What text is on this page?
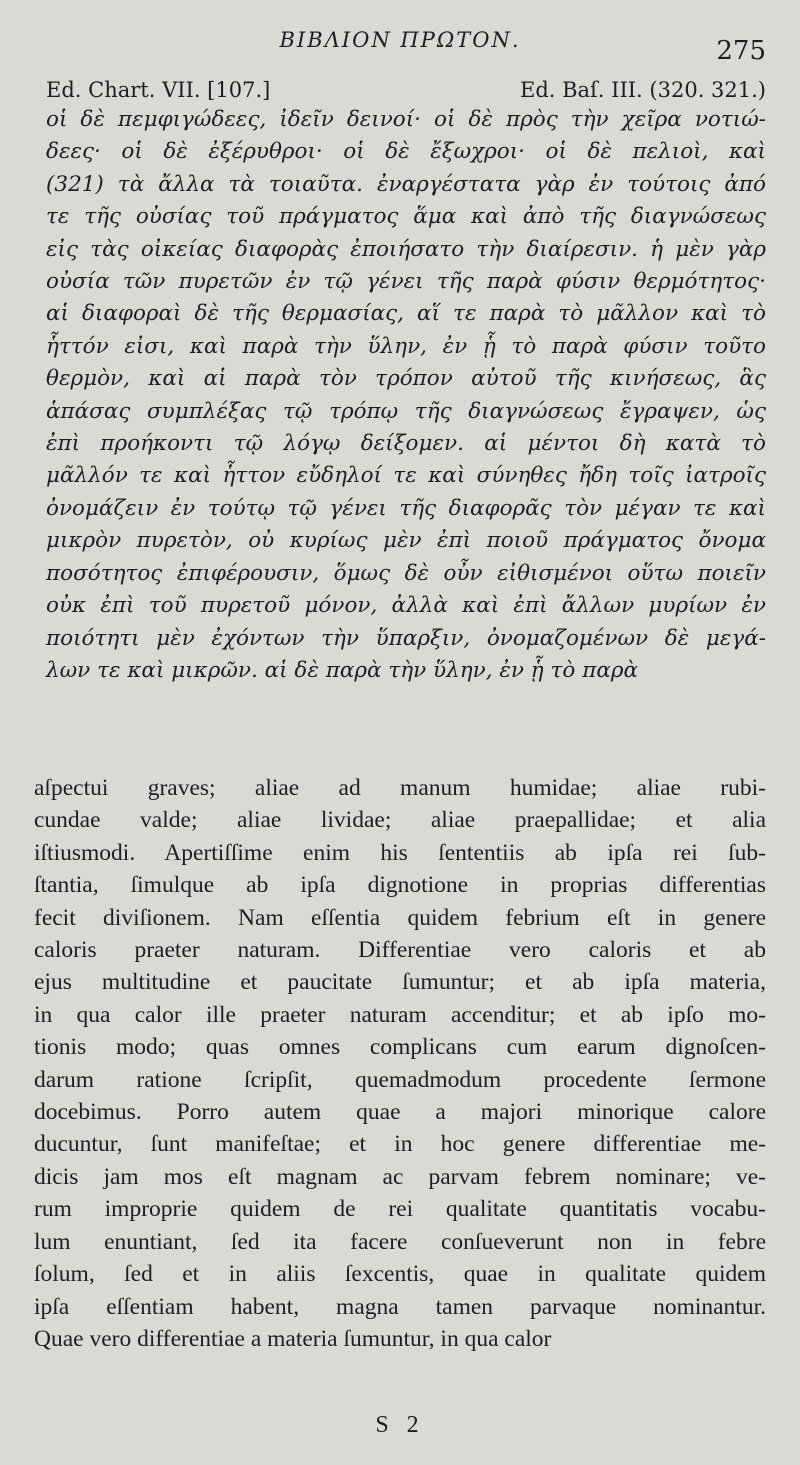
ΒΙΒΛΙΟΝ ΠΡΩΤΟΝ.	275
Ed. Chart. VII. [107.]	Ed. Baſ. III. (320. 321.)
οἱ δὲ πεμφιγώδεες, ἰδεῖν δεινοί· οἱ δὲ πρὸς τὴν χεῖρα νοτιώ-
δεες· οἱ δὲ ἐξέρυθροι· οἱ δὲ ἔξωχροι· οἱ δὲ πελιοὶ, καὶ
(321) τὰ ἄλλα τὰ τοιαῦτα. ἐναργέστατα γὰρ ἐν τούτοις ἀπό
τε τῆς οὐσίας τοῦ πράγματος ἅμα καὶ ἀπὸ τῆς διαγνώσεως
εἰς τὰς οἰκείας διαφορὰς ἐποιήσατο τὴν διαίρεσιν. ἡ μὲν γὰρ
οὐσία τῶν πυρετῶν ἐν τῷ γένει τῆς παρὰ φύσιν θερμότητος·
αἱ διαφοραὶ δὲ τῆς θερμασίας, αἵ τε παρὰ τὸ μᾶλλον καὶ τὸ
ἧττόν εἰσι, καὶ παρὰ τὴν ὕλην, ἐν ᾗ τὸ παρὰ φύσιν τοῦτο
θερμὸν, καὶ αἱ παρὰ τὸν τρόπον αὐτοῦ τῆς κινήσεως, ἃς
ἁπάσας συμπλέξας τῷ τρόπῳ τῆς διαγνώσεως ἔγραψεν, ὡς
ἐπὶ προήκοντι τῷ λόγῳ δείξομεν. αἱ μέντοι δὴ κατὰ τὸ
μᾶλλόν τε καὶ ἧττον εὔδηλοί τε καὶ σύνηθες ἤδη τοῖς ἰατροῖς
ὀνομάζειν ἐν τούτῳ τῷ γένει τῆς διαφορᾶς τὸν μέγαν τε καὶ
μικρὸν πυρετὸν, οὐ κυρίως μὲν ἐπὶ ποιοῦ πράγματος ὄνομα
ποσότητος ἐπιφέρουσιν, ὅμως δὲ οὖν εἰθισμένοι οὕτω ποιεῖν
οὐκ ἐπὶ τοῦ πυρετοῦ μόνον, ἀλλὰ καὶ ἐπὶ ἄλλων μυρίων ἐν
ποιότητι μὲν ἐχόντων τὴν ὕπαρξιν, ὀνομαζομένων δὲ μεγά-
λων τε καὶ μικρῶν. αἱ δὲ παρὰ τὴν ὕλην, ἐν ᾗ τὸ παρὰ
aſpectui graves; aliae ad manum humidae; aliae rubi-
cundae valde; aliae lividae; aliae praepallidae; et alia
iſtiusmodi. Apertiſſime enim his ſententiis ab ipſa rei ſub-
ſtantia, ſimulque ab ipſa dignotione in proprias differentias
fecit diviſionem. Nam eſſentia quidem febrium eſt in genere
caloris praeter naturam. Differentiae vero caloris et ab
ejus multitudine et paucitate ſumuntur; et ab ipſa materia,
in qua calor ille praeter naturam accenditur; et ab ipſo mo-
tionis modo; quas omnes complicans cum earum dignoſcen-
darum ratione ſcripſit, quemadmodum procedente ſermone
docebimus. Porro autem quae a majori minorique calore
ducuntur, ſunt manifeſtae; et in hoc genere differentiae me-
dicis jam mos eſt magnam ac parvam febrem nominare; ve-
rum improprie quidem de rei qualitate quantitatis vocabu-
lum enuntiant, ſed ita facere conſueverunt non in febre
ſolum, ſed et in aliis ſexcentis, quae in qualitate quidem
ipſa eſſentiam habent, magna tamen parvaque nominantur.
Quae vero differentiae a materia ſumuntur, in qua calor
S 2
